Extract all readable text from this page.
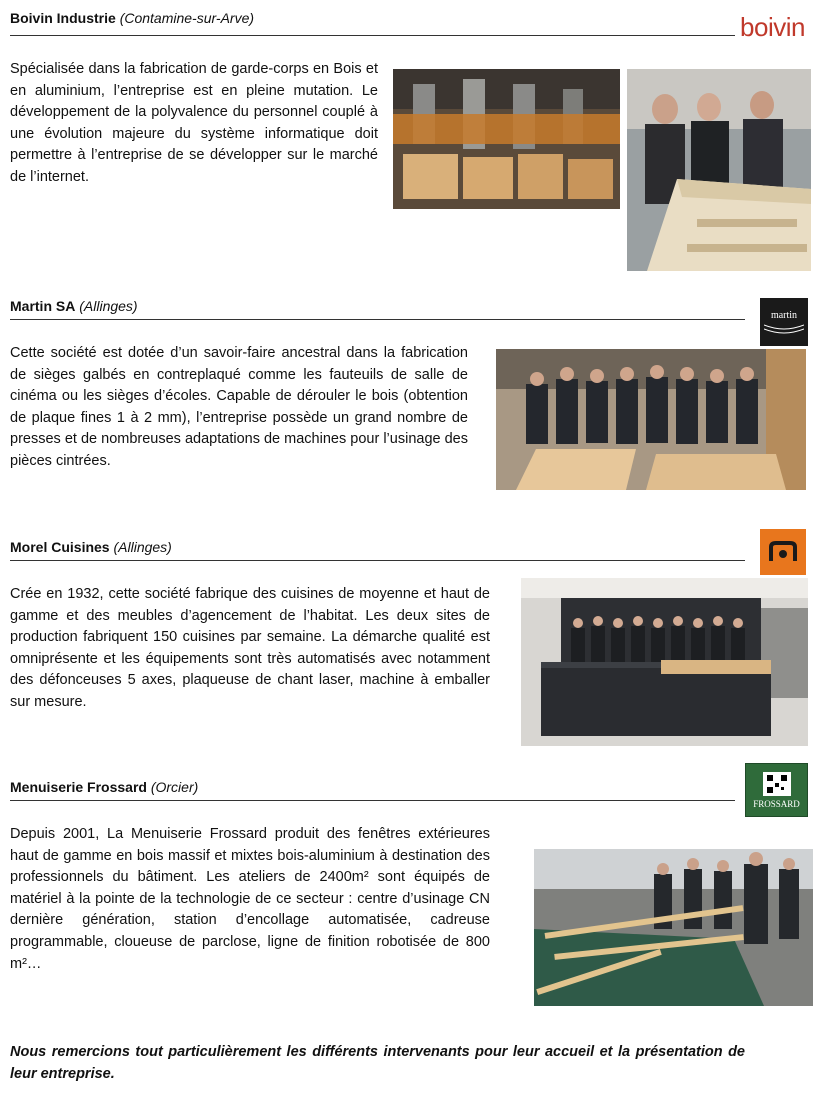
Boivin Industrie (Contamine-sur-Arve)	boivin
Spécialisée dans la fabrication de garde-corps en Bois et en aluminium, l’entreprise est en pleine mutation. Le développement de la polyvalence du personnel couplé à une évolution majeure du système informatique doit permettre à l’entreprise de se développer sur le marché de l’internet.
Martin SA (Allinges)
martin
Cette société est dotée d’un savoir-faire ancestral dans la fabrication de sièges galbés en contreplaqué comme les fauteuils de salle de cinéma ou les sièges d’écoles. Capable de dérouler le bois (obtention de plaque fines 1 à 2 mm), l’entreprise possède un grand nombre de presses et de nombreuses adaptations de machines pour l’usinage des pièces cintrées.
Morel Cuisines (Allinges)
Crée en 1932, cette société fabrique des cuisines de moyenne et haut de gamme et des meubles d’agencement de l’habitat. Les deux sites de production fabriquent 150 cuisines par semaine. La démarche qualité est omniprésente et les équipements sont très automatisés avec notamment des défonceuses 5 axes, plaqueuse de chant laser, machine à emballer sur mesure.
Menuiserie Frossard (Orcier)
FROSSARD
Depuis 2001, La Menuiserie Frossard produit des fenêtres extérieures haut de gamme en bois massif et mixtes bois-aluminium à destination des professionnels du bâtiment. Les ateliers de 2400m² sont équipés de matériel à la pointe de la technologie de ce secteur : centre d’usinage CN dernière génération, station d’encollage automatisée, cadreuse programmable, cloueuse de parclose, ligne de finition robotisée de 800 m²…
Nous remercions tout particulièrement les différents intervenants pour leur accueil et la présentation de leur entreprise.
